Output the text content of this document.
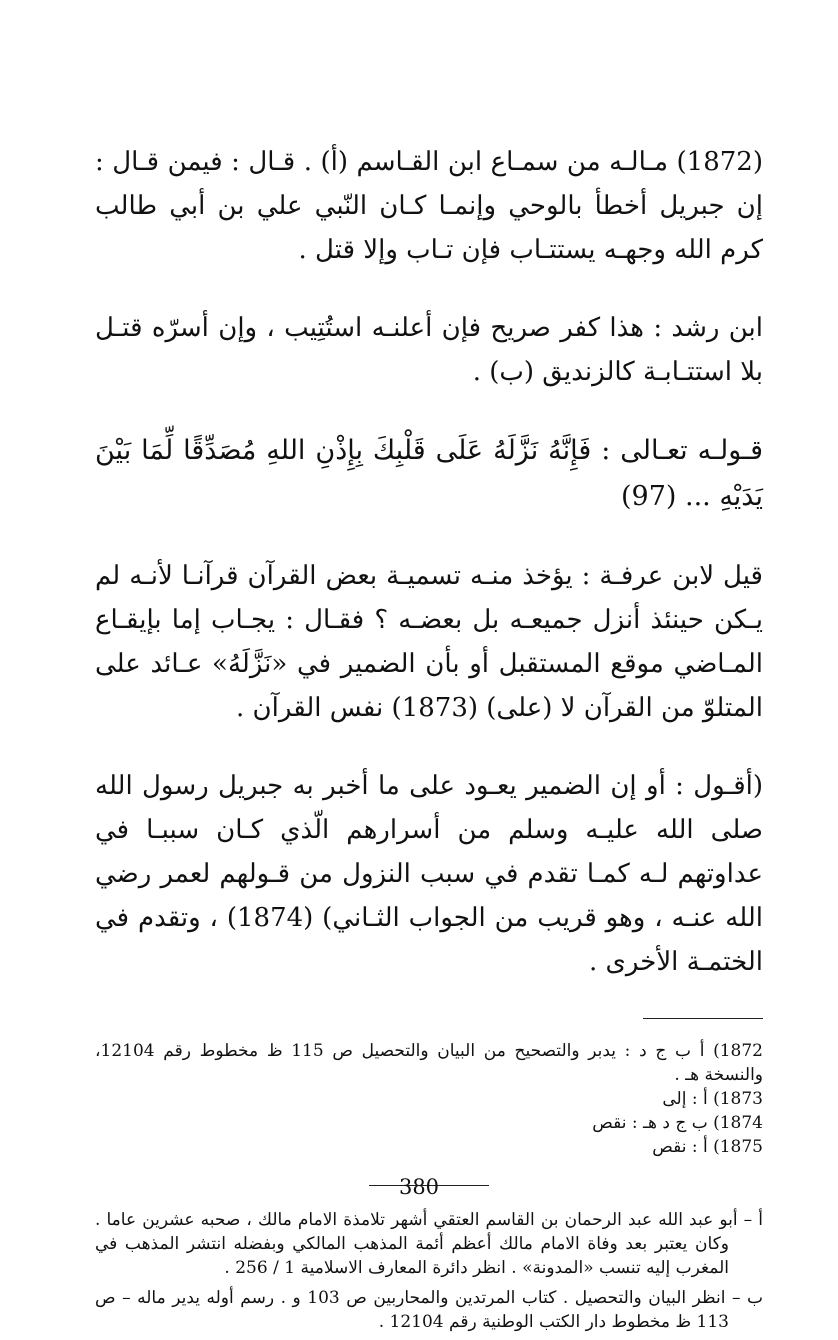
(1872) مـالـه من سمـاع ابن القـاسم (أ) . قـال : فيمن قـال : إن جبريل أخطأ بالوحي وإنمـا كـان النّبي علي بن أبي طالب كرم الله وجهـه يستتـاب فإن تـاب وإلا قتل .

ابن رشد : هذا كفر صريح فإن أعلنـه استُتِيب ، وإن أسرّه قتـل بلا استتـابـة كالزنديق (ب) .

قـولـه تعـالى : فَإِنَّهُ نَزَّلَهُ عَلَى قَلْبِكَ بِإِذْنِ اللهِ مُصَدِّقًا لِّمَا بَيْنَ يَدَيْهِ ... (97)

قيل لابن عرفـة : يؤخذ منـه تسميـة بعض القرآن قرآنـا لأنـه لم يـكن حينئذ أنزل جميعـه بل بعضـه ؟ فقـال : يجـاب إما بإيقـاع المـاضي موقع المستقبل أو بأن الضمير في «نَزَّلَهُ» عـائد على المتلوّ من القرآن لا (على) (1873) نفس القرآن .

(أقـول : أو إن الضمير يعـود على ما أخبر به جبريل رسول الله صلى الله عليـه وسلم من أسرارهم الّذي كـان سببـا في عداوتهم لـه كمـا تقدم في سبب النزول من قـولهم لعمر رضي الله عنـه ، وهو قريب من الجواب الثـاني) (1874) ، وتقدم في الختمـة الأخرى .

1872) أ ب ج د : يدبر والتصحيح من البيان والتحصيل ص 115 ظ مخطوط رقم 12104، والنسخة هـ .

1873) أ : إلى

1874) ب ج د هـ : نقص

1875) أ : نقص

أ – أبو عبد الله عبد الرحمان بن القاسم العتقي أشهر تلامذة الامام مالك ، صحبه عشرين عاما . وكان يعتبر بعد وفاة الامام مالك أعظم أئمة المذهب المالكي وبفضله انتشر المذهب في المغرب إليه تنسب «المدونة» . انظر دائرة المعارف الاسلامية 1 / 256 .

ب – انظر البيان والتحصيل . كتاب المرتدين والمحاربين ص 103 و . رسم أوله يدير ماله – ص 113 ظ مخطوط دار الكتب الوطنية رقم 12104 .

380
